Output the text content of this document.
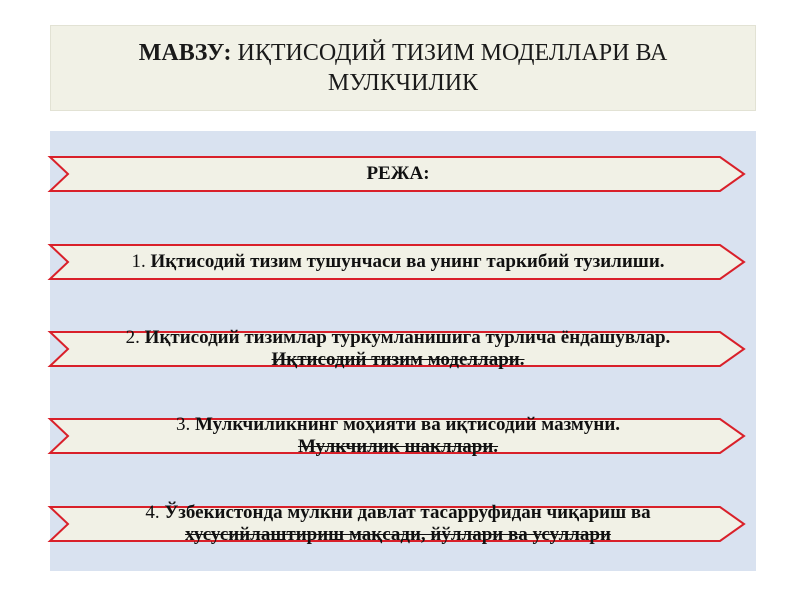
МАВЗУ: ИҚТИСОДИЙ ТИЗИМ МОДЕЛЛАРИ ВА МУЛКЧИЛИК
РЕЖА:
1. Иқтисодий тизим тушунчаси ва унинг таркибий тузилиши.
2. Иқтисодий тизимлар туркумланишига турлича ёндашувлар.
Иқтисодий тизим моделлари.
3. Мулкчиликнинг моҳияти ва иқтисодий мазмуни.
Мулкчилик шакллари.
4. Ўзбекистонда мулкни давлат тасарруфидан чиқариш ва
хусусийлаштириш мақсади, йўллари ва усуллари
